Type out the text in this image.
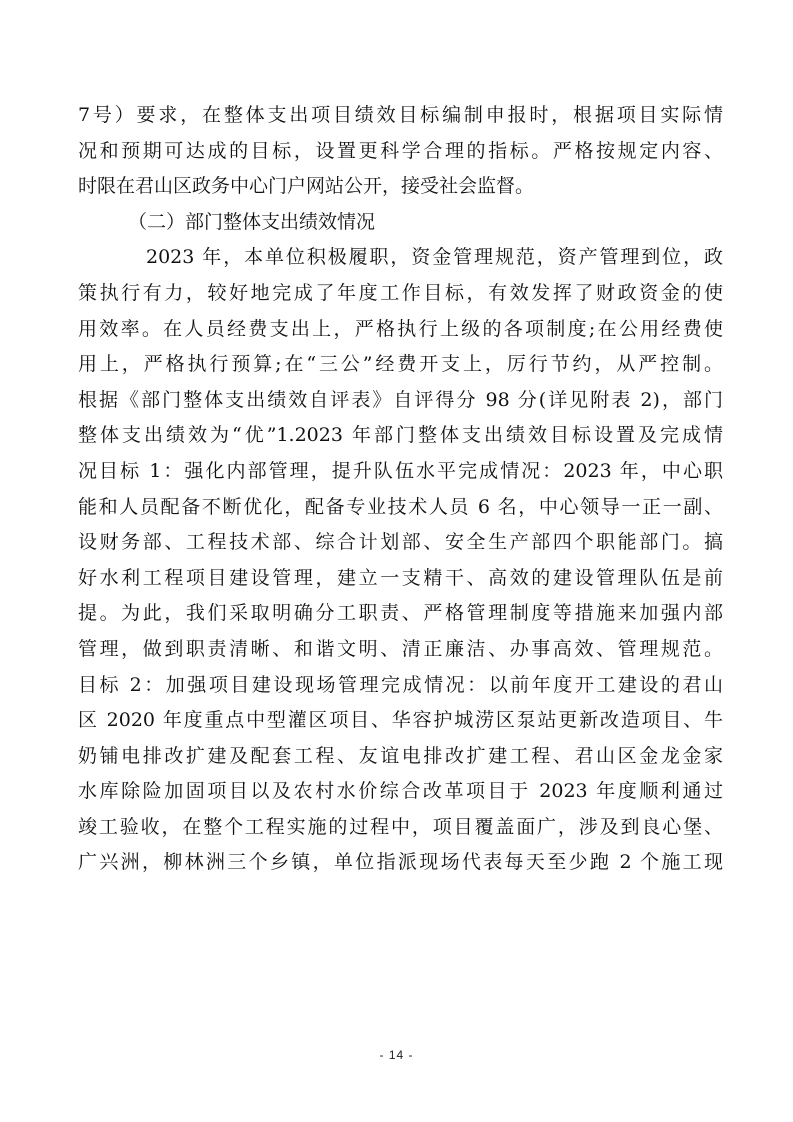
7号）要求，在整体支出项目绩效目标编制申报时，根据项目实际情
况和预期可达成的目标，设置更科学合理的指标。严格按规定内容、
时限在君山区政务中心门户网站公开，接受社会监督。
（二）部门整体支出绩效情况
2023 年，本单位积极履职，资金管理规范，资产管理到位，政
策执行有力，较好地完成了年度工作目标，有效发挥了财政资金的使
用效率。在人员经费支出上，严格执行上级的各项制度;在公用经费使
用上，严格执行预算;在“三公”经费开支上，厉行节约，从严控制。
根据《部门整体支出绩效自评表》自评得分 98 分(详见附表 2)，部门
整体支出绩效为“优”1.2023 年部门整体支出绩效目标设置及完成情
况目标 1：强化内部管理，提升队伍水平完成情况：2023 年，中心职
能和人员配备不断优化，配备专业技术人员 6 名，中心领导一正一副、
设财务部、工程技术部、综合计划部、安全生产部四个职能部门。搞
好水利工程项目建设管理，建立一支精干、高效的建设管理队伍是前
提。为此，我们采取明确分工职责、严格管理制度等措施来加强内部
管理，做到职责清晰、和谐文明、清正廉洁、办事高效、管理规范。
目标 2：加强项目建设现场管理完成情况：以前年度开工建设的君山
区 2020 年度重点中型灌区项目、华容护城涝区泵站更新改造项目、牛
奶铺电排改扩建及配套工程、友谊电排改扩建工程、君山区金龙金家
水库除险加固项目以及农村水价综合改革项目于 2023 年度顺利通过
竣工验收，在整个工程实施的过程中，项目覆盖面广，涉及到良心堡、
广兴洲，柳林洲三个乡镇，单位指派现场代表每天至少跑 2 个施工现
- 14 -
